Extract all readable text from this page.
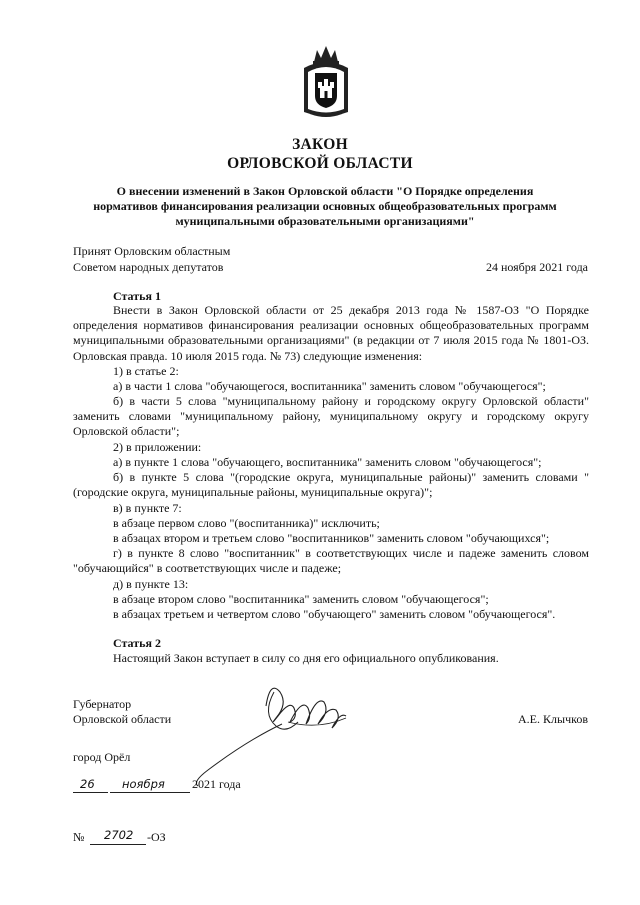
ЗАКОН
ОРЛОВСКОЙ ОБЛАСТИ
О внесении изменений в Закон Орловской области "О Порядке определения нормативов финансирования реализации основных общеобразовательных программ муниципальными образовательными организациями"
Принят Орловским областным
Советом народных депутатов	24 ноября 2021 года
Статья 1
Внести в Закон Орловской области от 25 декабря 2013 года № 1587-ОЗ "О Порядке определения нормативов финансирования реализации основных общеобразовательных программ муниципальными образовательными организациями" (в редакции от 7 июля 2015 года № 1801-ОЗ. Орловская правда. 10 июля 2015 года. № 73) следующие изменения:
1) в статье 2:
а) в части 1 слова "обучающегося, воспитанника" заменить словом "обучающегося";
б) в части 5 слова "муниципальному району и городскому округу Орловской области" заменить словами "муниципальному району, муниципальному округу и городскому округу Орловской области";
2) в приложении:
а) в пункте 1 слова "обучающего, воспитанника" заменить словом "обучающегося";
б) в пункте 5 слова "(городские округа, муниципальные районы)" заменить словами "(городские округа, муниципальные районы, муниципальные округа)";
в) в пункте 7:
в абзаце первом слово "(воспитанника)" исключить;
в абзацах втором и третьем слово "воспитанников" заменить словом "обучающихся";
г) в пункте 8 слово "воспитанник" в соответствующих числе и падеже заменить словом "обучающийся" в соответствующих числе и падеже;
д) в пункте 13:
в абзаце втором слово "воспитанника" заменить словом "обучающегося";
в абзацах третьем и четвертом слово "обучающего" заменить словом "обучающегося".
Статья 2
Настоящий Закон вступает в силу со дня его официального опубликования.
Губернатор
Орловской области	А.Е. Клычков
город Орёл
26 ноября 2021 года
№ 2702 -ОЗ
